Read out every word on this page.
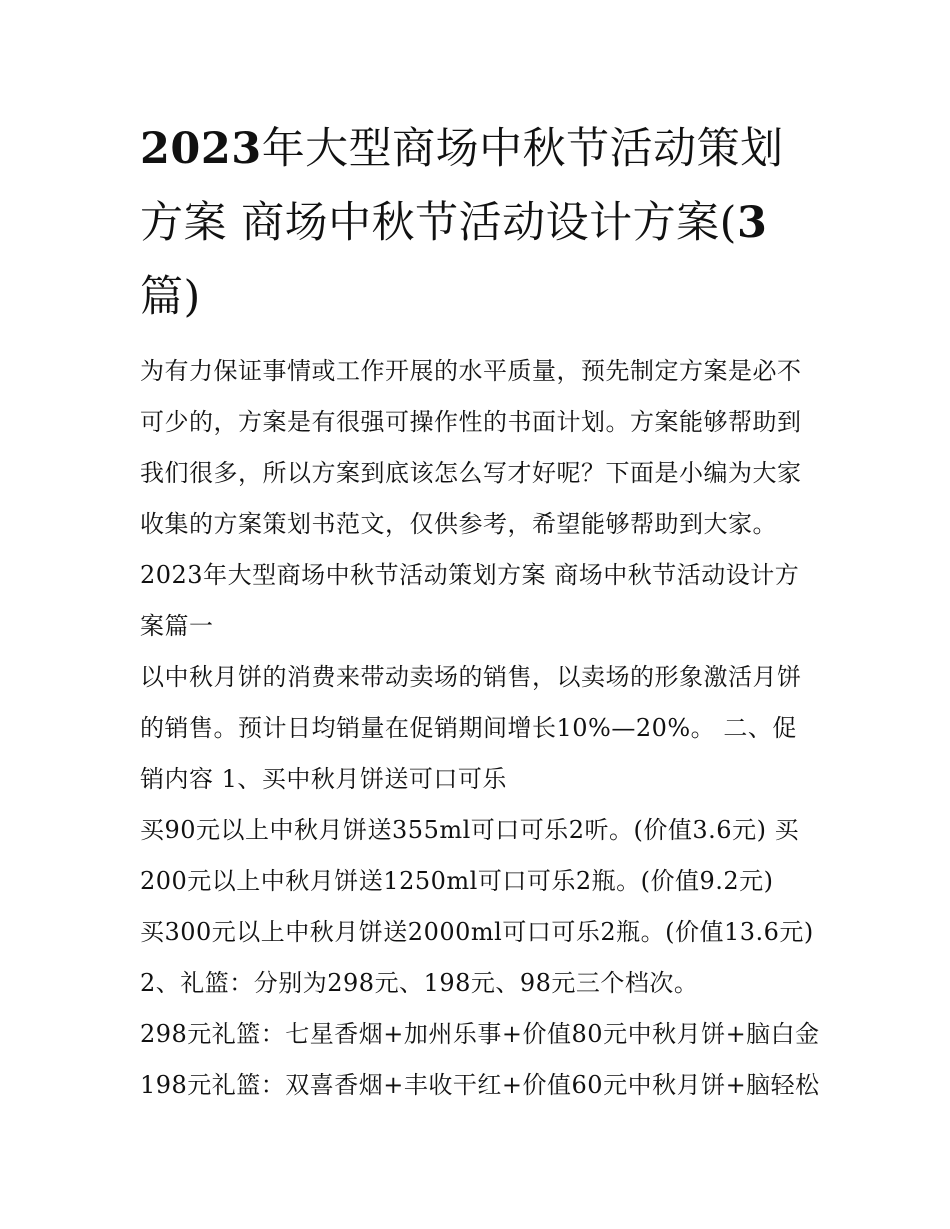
2023年大型商场中秋节活动策划方案 商场中秋节活动设计方案(3篇)

为有力保证事情或工作开展的水平质量，预先制定方案是必不可少的，方案是有很强可操作性的书面计划。方案能够帮助到我们很多，所以方案到底该怎么写才好呢？下面是小编为大家收集的方案策划书范文，仅供参考，希望能够帮助到大家。

2023年大型商场中秋节活动策划方案 商场中秋节活动设计方案篇一

以中秋月饼的消费来带动卖场的销售，以卖场的形象激活月饼的销售。预计日均销量在促销期间增长10%—20%。 二、促销内容 1、买中秋月饼送可口可乐

买90元以上中秋月饼送355ml可口可乐2听。(价值3.6元) 买200元以上中秋月饼送1250ml可口可乐2瓶。(价值9.2元)

买300元以上中秋月饼送2000ml可口可乐2瓶。(价值13.6元)

2、礼篮：分别为298元、198元、98元三个档次。

298元礼篮：七星香烟+加州乐事+价值80元中秋月饼+脑白金

198元礼篮：双喜香烟+丰收干红+价值60元中秋月饼+脑轻松
